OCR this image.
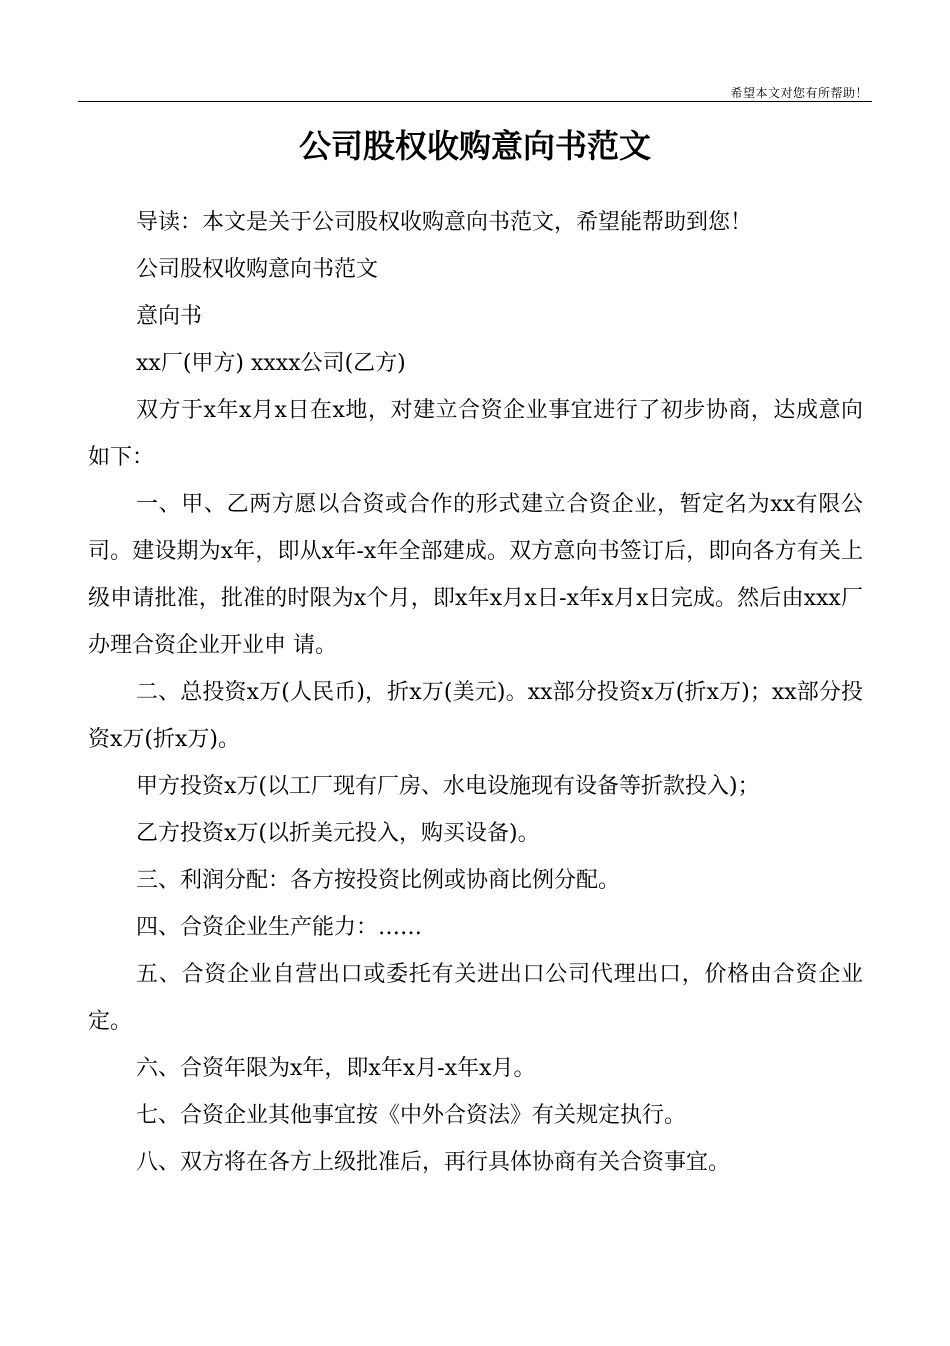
希望本文对您有所帮助！
公司股权收购意向书范文

导读：本文是关于公司股权收购意向书范文，希望能帮助到您！

公司股权收购意向书范文

意向书

xx厂(甲方) xxxx公司(乙方)

双方于x年x月x日在x地，对建立合资企业事宜进行了初步协商，达成意向如下：

一、甲、乙两方愿以合资或合作的形式建立合资企业，暂定名为xx有限公司。建设期为x年，即从x年-x年全部建成。双方意向书签订后，即向各方有关上级申请批准，批准的时限为x个月，即x年x月x日-x年x月x日完成。然后由xxx厂办理合资企业开业申 请。

二、总投资x万(人民币)，折x万(美元)。xx部分投资x万(折x万)；xx部分投资x万(折x万)。

甲方投资x万(以工厂现有厂房、水电设施现有设备等折款投入)；

乙方投资x万(以折美元投入，购买设备)。

三、利润分配：各方按投资比例或协商比例分配。

四、合资企业生产能力：……

五、合资企业自营出口或委托有关进出口公司代理出口，价格由合资企业定。

六、合资年限为x年，即x年x月-x年x月。

七、合资企业其他事宜按《中外合资法》有关规定执行。

八、双方将在各方上级批准后，再行具体协商有关合资事宜。
